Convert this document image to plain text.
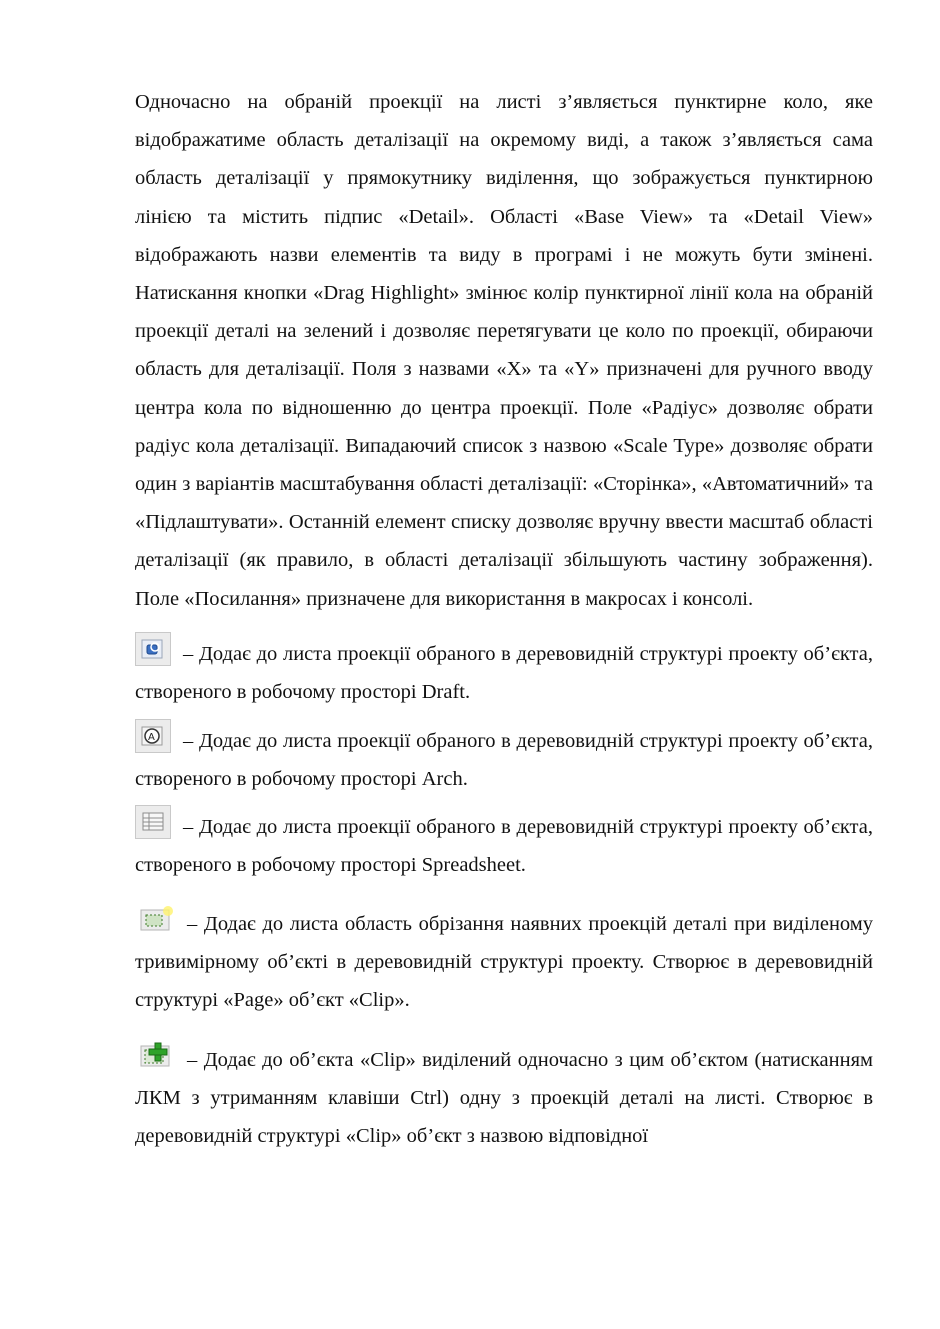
Одночасно на обраній проекції на листі з’являється пунктирне коло, яке відображатиме область деталізації на окремому виді, а також з’являється сама область деталізації у прямокутнику виділення, що зображується пунктирною лінією та містить підпис «Detail». Області «Base View» та «Detail View» відображають назви елементів та виду в програмі і не можуть бути змінені. Натискання кнопки «Drag Highlight» змінює колір пунктирної лінії кола на обраній проекції деталі на зелений і дозволяє перетягувати це коло по проекції, обираючи область для деталізації. Поля з назвами «X» та «Y» призначені для ручного вводу центра кола по відношенню до центра проекції. Поле «Радіус» дозволяє обрати радіус кола деталізації. Випадаючий список з назвою «Scale Type» дозволяє обрати один з варіантів масштабування області деталізації: «Сторінка», «Автоматичний» та «Підлаштувати». Останній елемент списку дозволяє вручну ввести масштаб області деталізації (як правило, в області деталізації збільшують частину зображення). Поле «Посилання» призначене для використання в макросах і консолі.

– Додає до листа проекції обраного в деревовидній структурі проекту об’єкта, створеного в робочому просторі Draft.

A – Додає до листа проекції обраного в деревовидній структурі проекту об’єкта, створеного в робочому просторі Arch.

– Додає до листа проекції обраного в деревовидній структурі проекту об’єкта, створеного в робочому просторі Spreadsheet.

– Додає до листа область обрізання наявних проекцій деталі при виділеному тривимірному об’єкті в деревовидній структурі проекту. Створює в деревовидній структурі «Page» об’єкт «Clip».

– Додає до об’єкта «Clip» виділений одночасно з цим об’єктом (натисканням ЛКМ з утриманням клавіши Ctrl) одну з проекцій деталі на листі. Створює в деревовидній структурі «Clip» об’єкт з назвою відповідної
